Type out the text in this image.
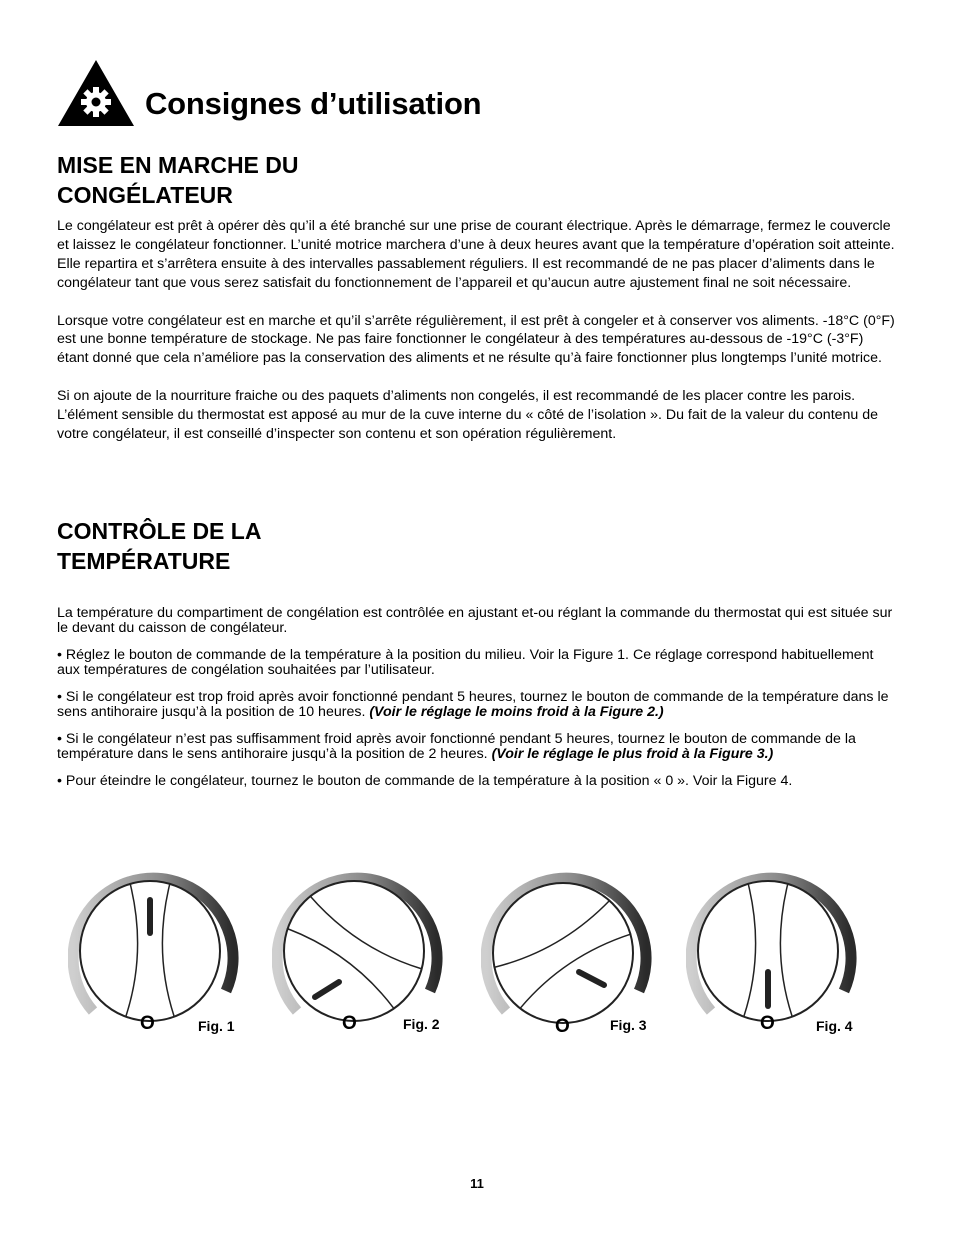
Consignes d’utilisation
MISE EN MARCHE DU
CONGÉLATEUR

Le congélateur est prêt à opérer dès qu’il a été branché sur une prise de courant électrique. Après le démarrage, fermez le couvercle et laissez le congélateur fonctionner. L’unité motrice marchera d’une à deux heures avant que la température d’opération soit atteinte. Elle repartira et s’arrêtera ensuite à des intervalles passablement réguliers. Il est recommandé de ne pas placer d’aliments dans le congélateur tant que vous serez satisfait du fonctionnement de l’appareil et qu’aucun autre ajustement final ne soit nécessaire.

Lorsque votre congélateur est en marche et qu’il s’arrête régulièrement, il est prêt à congeler et à conserver vos aliments. -18°C (0°F) est une bonne température de stockage. Ne pas faire fonctionner le congélateur à des températures au-dessous de -19°C (-3°F) étant donné que cela n’améliore pas la conservation des aliments et ne résulte qu’à faire fonctionner plus longtemps l’unité motrice.

Si on ajoute de la nourriture fraiche ou des paquets d’aliments non congelés, il est recommandé de les placer contre les parois. L’élément sensible du thermostat est apposé au mur de la cuve interne du « côté de l’isolation ». Du fait de la valeur du contenu de votre congélateur, il est conseillé d’inspecter son contenu et son opération régulièrement.

CONTRÔLE DE LA
TEMPÉRATURE

La température du compartiment de congélation est contrôlée en ajustant et-ou réglant la commande du thermostat qui est située sur le devant du caisson de congélateur.

• Réglez le bouton de commande de la température à la position du milieu. Voir la Figure 1. Ce réglage correspond habituellement aux températures de congélation souhaitées par l’utilisateur.

• Si le congélateur est trop froid après avoir fonctionné pendant 5 heures, tournez le bouton de commande de la température dans le sens antihoraire jusqu’à la position de 10 heures. (Voir le réglage le moins froid à la Figure 2.)

• Si le congélateur n’est pas suffisamment froid après avoir fonctionné pendant 5 heures, tournez le bouton de commande de la température dans le sens antihoraire jusqu’à la position de 2 heures. (Voir le réglage le plus froid à la Figure 3.)

• Pour éteindre le congélateur, tournez le bouton de commande de la température à la position « 0 ». Voir la Figure 4.

O	Fig. 1	O	Fig. 2	O	Fig. 3	O	Fig. 4
11
